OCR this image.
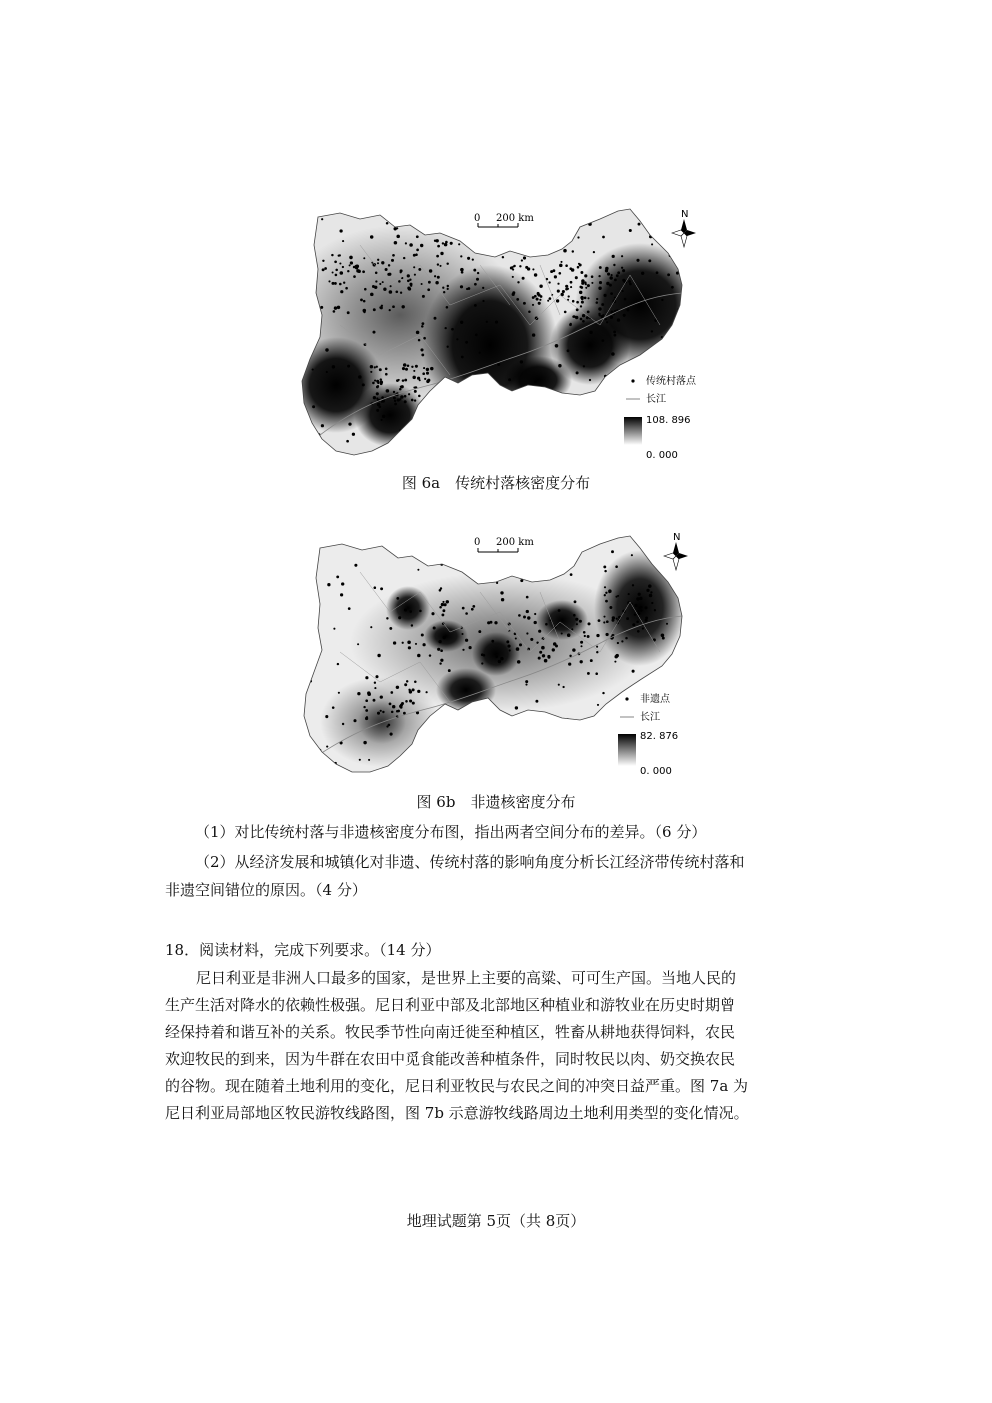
0 200 km	N
传统村落点
长江
108. 896
0. 000
图 6a　传统村落核密度分布
0 200 km	N
非遗点
长江
82. 876
0. 000
图 6b　非遗核密度分布
（1）对比传统村落与非遗核密度分布图，指出两者空间分布的差异。（6 分）
（2）从经济发展和城镇化对非遗、传统村落的影响角度分析长江经济带传统村落和
非遗空间错位的原因。（4 分）
18．阅读材料，完成下列要求。（14 分）
尼日利亚是非洲人口最多的国家，是世界上主要的高粱、可可生产国。当地人民的
生产生活对降水的依赖性极强。尼日利亚中部及北部地区种植业和游牧业在历史时期曾
经保持着和谐互补的关系。牧民季节性向南迁徙至种植区，牲畜从耕地获得饲料，农民
欢迎牧民的到来，因为牛群在农田中觅食能改善种植条件，同时牧民以肉、奶交换农民
的谷物。现在随着土地利用的变化，尼日利亚牧民与农民之间的冲突日益严重。图 7a 为
尼日利亚局部地区牧民游牧线路图，图 7b 示意游牧线路周边土地利用类型的变化情况。
地理试题第 5页（共 8页）
